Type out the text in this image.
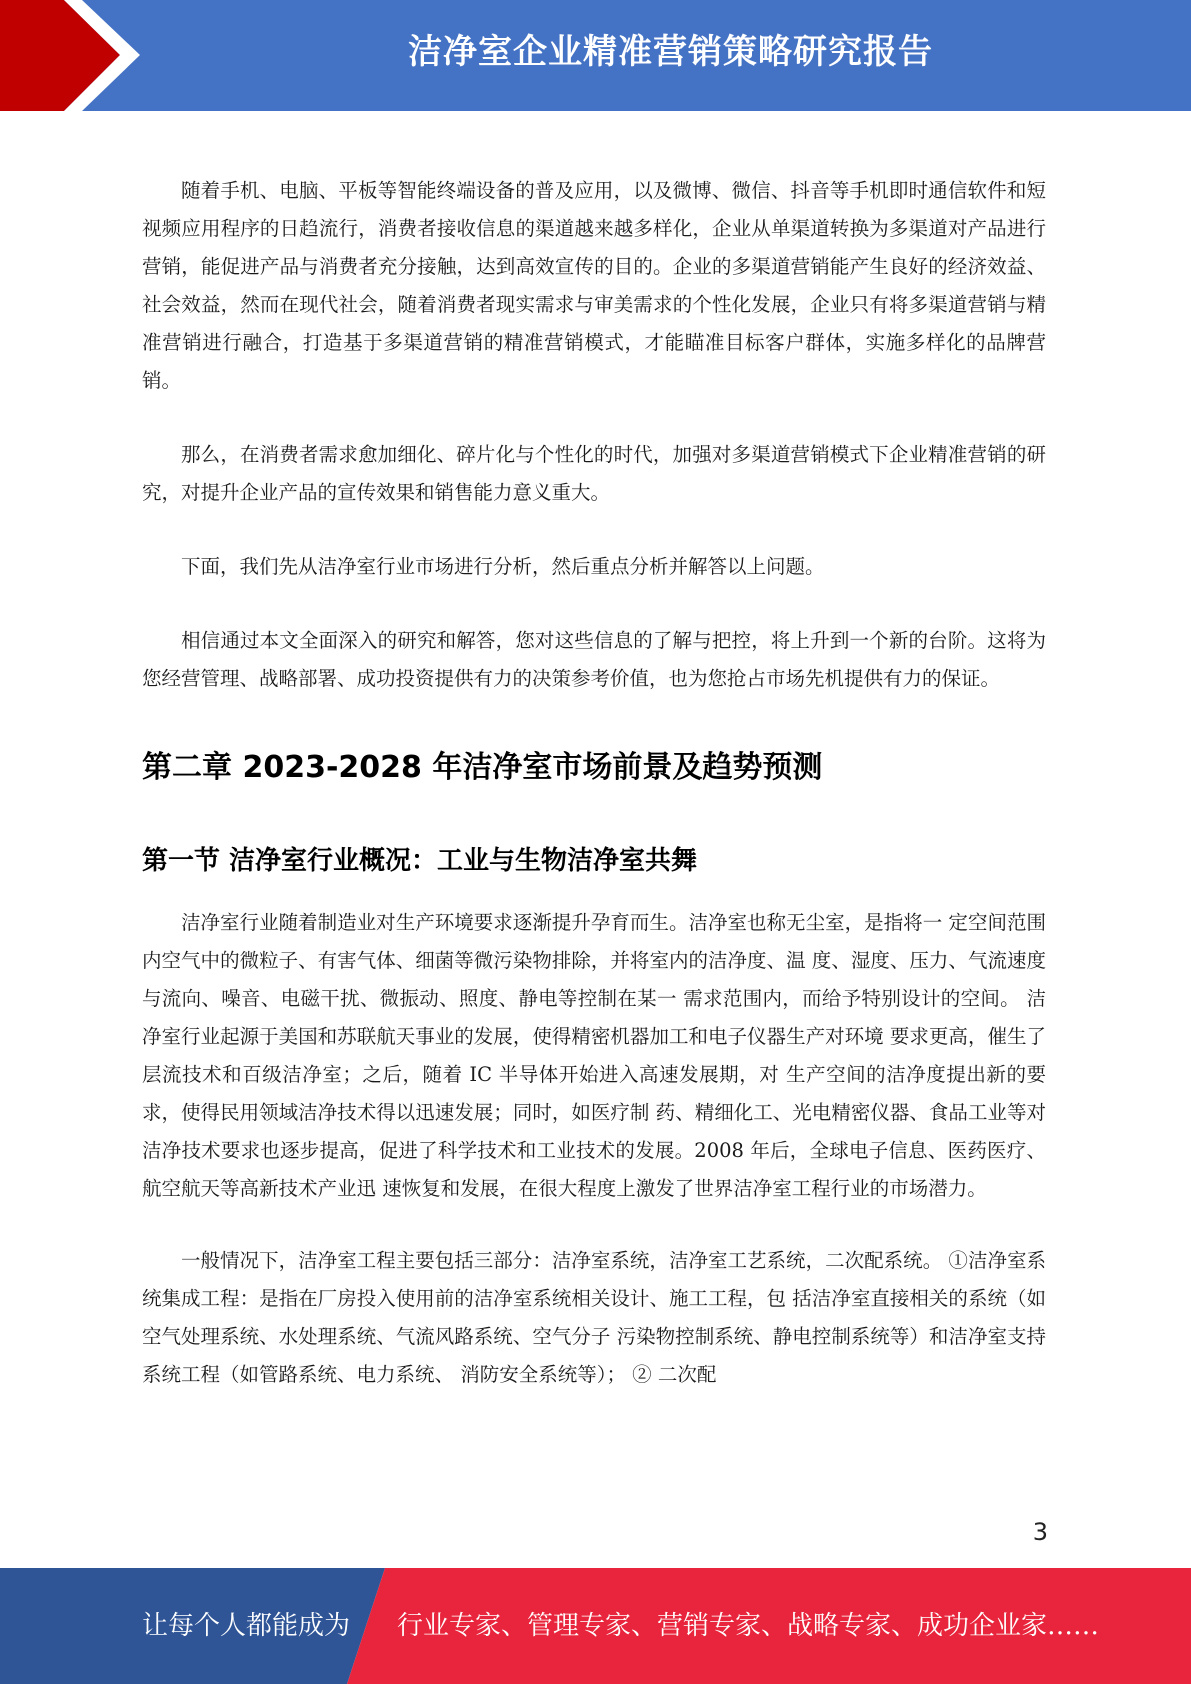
洁净室企业精准营销策略研究报告

随着手机、电脑、平板等智能终端设备的普及应用，以及微博、微信、抖音等手机即时通信软件和短视频应用程序的日趋流行，消费者接收信息的渠道越来越多样化，企业从单渠道转换为多渠道对产品进行营销，能促进产品与消费者充分接触，达到高效宣传的目的。企业的多渠道营销能产生良好的经济效益、社会效益，然而在现代社会，随着消费者现实需求与审美需求的个性化发展，企业只有将多渠道营销与精准营销进行融合，打造基于多渠道营销的精准营销模式，才能瞄准目标客户群体，实施多样化的品牌营销。

那么，在消费者需求愈加细化、碎片化与个性化的时代，加强对多渠道营销模式下企业精准营销的研究，对提升企业产品的宣传效果和销售能力意义重大。

下面，我们先从洁净室行业市场进行分析，然后重点分析并解答以上问题。

相信通过本文全面深入的研究和解答，您对这些信息的了解与把控，将上升到一个新的台阶。这将为您经营管理、战略部署、成功投资提供有力的决策参考价值，也为您抢占市场先机提供有力的保证。

第二章 2023-2028 年洁净室市场前景及趋势预测
第一节 洁净室行业概况：工业与生物洁净室共舞

洁净室行业随着制造业对生产环境要求逐渐提升孕育而生。洁净室也称无尘室，是指将一 定空间范围内空气中的微粒子、有害气体、细菌等微污染物排除，并将室内的洁净度、温 度、湿度、压力、气流速度与流向、噪音、电磁干扰、微振动、照度、静电等控制在某一 需求范围内，而给予特别设计的空间。 洁净室行业起源于美国和苏联航天事业的发展，使得精密机器加工和电子仪器生产对环境 要求更高，催生了层流技术和百级洁净室；之后，随着 IC 半导体开始进入高速发展期，对 生产空间的洁净度提出新的要求，使得民用领域洁净技术得以迅速发展；同时，如医疗制 药、精细化工、光电精密仪器、食品工业等对洁净技术要求也逐步提高，促进了科学技术和工业技术的发展。2008 年后，全球电子信息、医药医疗、航空航天等高新技术产业迅 速恢复和发展，在很大程度上激发了世界洁净室工程行业的市场潜力。

一般情况下，洁净室工程主要包括三部分：洁净室系统，洁净室工艺系统，二次配系统。 ①洁净室系统集成工程：是指在厂房投入使用前的洁净室系统相关设计、施工工程，包 括洁净室直接相关的系统（如空气处理系统、水处理系统、气流风路系统、空气分子 污染物控制系统、静电控制系统等）和洁净室支持系统工程（如管路系统、电力系统、 消防安全系统等）； ② 二次配

3
让每个人都能成为 行业专家、管理专家、营销专家、战略专家、成功企业家……
